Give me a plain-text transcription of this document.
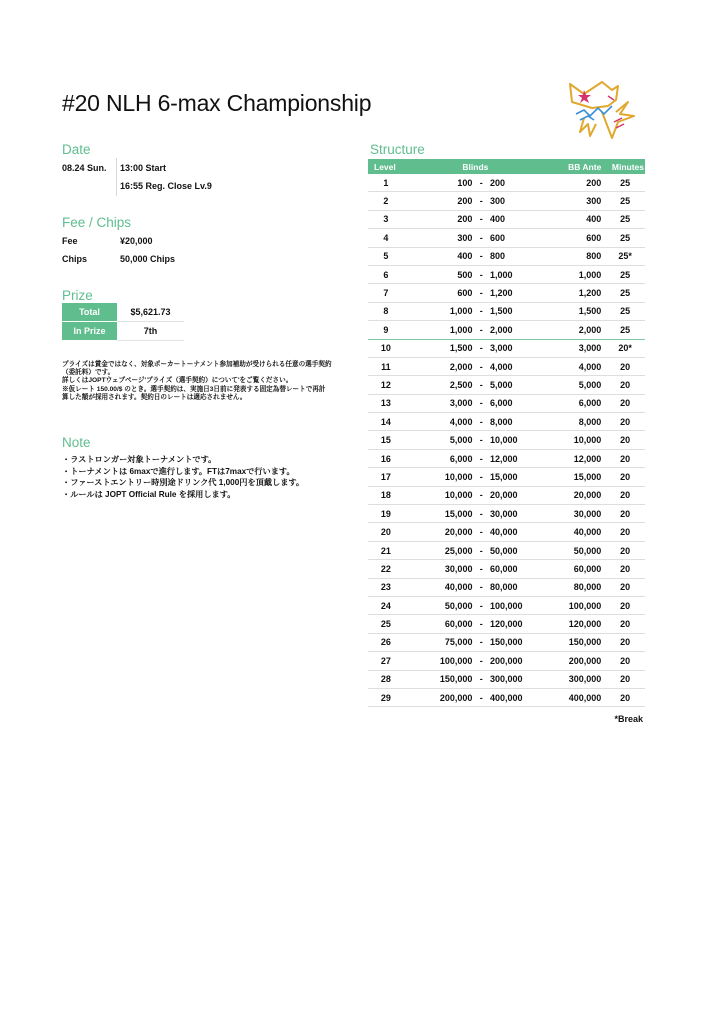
#20 NLH 6-max Championship
Date
08.24 Sun. 13:00 Start
16:55 Reg. Close Lv.9
Fee / Chips
Fee	¥20,000
Chips	50,000 Chips
Prize
Total	$5,621.73
In Prize	7th
プライズは賞金ではなく、対象ポーカートーナメント参加補助が受けられる任意の選手契約
（委託料）です。
詳しくはJOPTウェブページ'プライズ（選手契約）について'をご覧ください。
※仮レート 150.00/$ のとき。選手契約は、実施日3日前に発表する固定為替レートで再計
算した額が採用されます。契約日のレートは適応されません。
Note
・ラストロンガー対象トーナメントです。
・トーナメントは 6maxで進行します。FTは7maxで行います。
・ファーストエントリー時別途ドリンク代 1,000円を頂戴します。
・ルールは JOPT Official Rule を採用します。
Structure
Level	Blinds			BB Ante	Minutes
1	100	-	200	200	25
2	200	-	300	300	25
3	200	-	400	400	25
4	300	-	600	600	25
5	400	-	800	800	25*
6	500	-	1,000	1,000	25
7	600	-	1,200	1,200	25
8	1,000	-	1,500	1,500	25
9	1,000	-	2,000	2,000	25
10	1,500	-	3,000	3,000	20*
11	2,000	-	4,000	4,000	20
12	2,500	-	5,000	5,000	20
13	3,000	-	6,000	6,000	20
14	4,000	-	8,000	8,000	20
15	5,000	-	10,000	10,000	20
16	6,000	-	12,000	12,000	20
17	10,000	-	15,000	15,000	20
18	10,000	-	20,000	20,000	20
19	15,000	-	30,000	30,000	20
20	20,000	-	40,000	40,000	20
21	25,000	-	50,000	50,000	20
22	30,000	-	60,000	60,000	20
23	40,000	-	80,000	80,000	20
24	50,000	-	100,000	100,000	20
25	60,000	-	120,000	120,000	20
26	75,000	-	150,000	150,000	20
27	100,000	-	200,000	200,000	20
28	150,000	-	300,000	300,000	20
29	200,000	-	400,000	400,000	20
*Break
